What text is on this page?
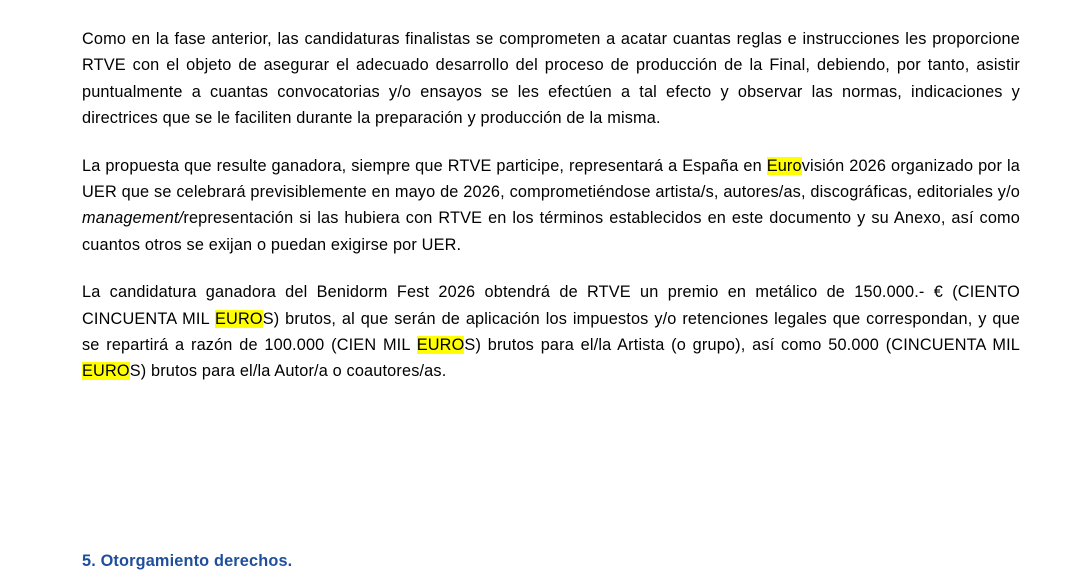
Como en la fase anterior, las candidaturas finalistas se comprometen a acatar cuantas reglas e instrucciones les proporcione RTVE con el objeto de asegurar el adecuado desarrollo del proceso de producción de la Final, debiendo, por tanto, asistir puntualmente a cuantas convocatorias y/o ensayos se les efectúen a tal efecto y observar las normas, indicaciones y directrices que se le faciliten durante la preparación y producción de la misma.

La propuesta que resulte ganadora, siempre que RTVE participe, representará a España en Eurovisión 2026 organizado por la UER que se celebrará previsiblemente en mayo de 2026, comprometiéndose artista/s, autores/as, discográficas, editoriales y/o management/representación si las hubiera con RTVE en los términos establecidos en este documento y su Anexo, así como cuantos otros se exijan o puedan exigirse por UER.

La candidatura ganadora del Benidorm Fest 2026 obtendrá de RTVE un premio en metálico de 150.000.- € (CIENTO CINCUENTA MIL EUROS) brutos, al que serán de aplicación los impuestos y/o retenciones legales que correspondan, y que se repartirá a razón de 100.000 (CIEN MIL EUROS) brutos para el/la Artista (o grupo), así como 50.000 (CINCUENTA MIL EUROS) brutos para el/la Autor/a o coautores/as.

5. Otorgamiento derechos.
